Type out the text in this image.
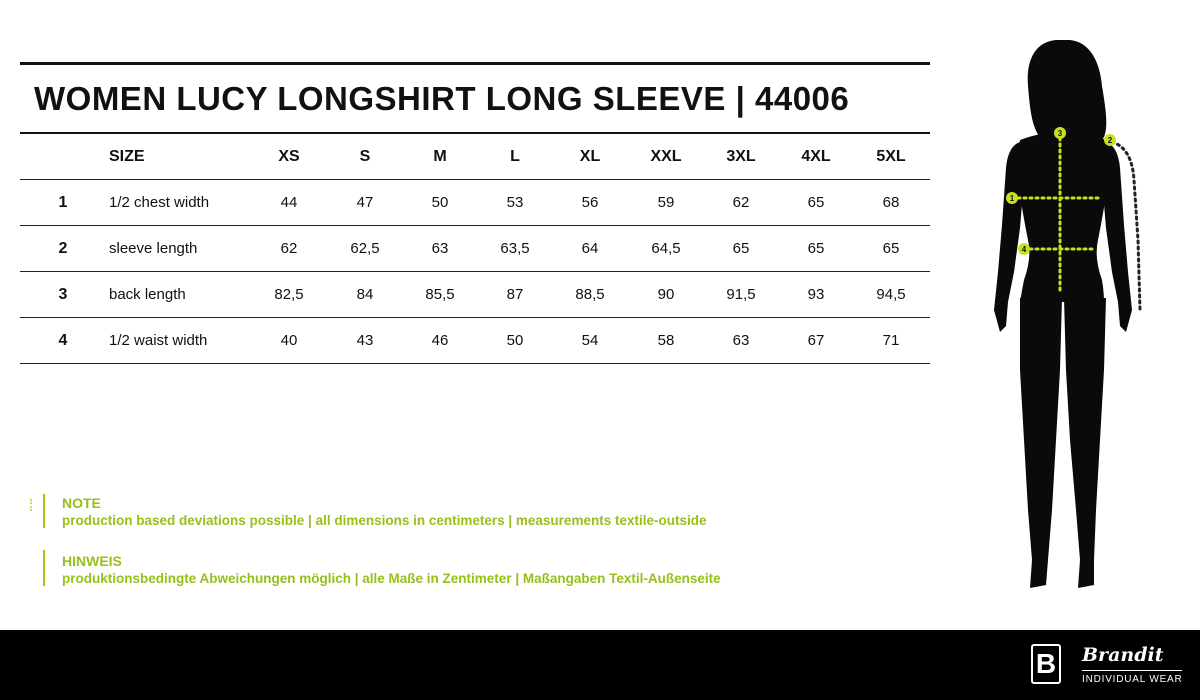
WOMEN LUCY LONGSHIRT LONG SLEEVE | 44006
SIZE	XS	S	M	L	XL	XXL	3XL	4XL	5XL
1	1/2 chest width	44	47	50	53	56	59	62	65	68
2	sleeve length	62	62,5	63	63,5	64	64,5	65	65	65
3	back length	82,5	84	85,5	87	88,5	90	91,5	93	94,5
4	1/2 waist width	40	43	46	50	54	58	63	67	71
NOTE

production based deviations possible | all dimensions in centimeters | measurements textile-outside

HINWEIS

produktionsbedingte Abweichungen möglich | alle Maße in Zentimeter | Maßangaben Textil-Außenseite

1
2
3
4
B Brandit
INDIVIDUAL WEAR
